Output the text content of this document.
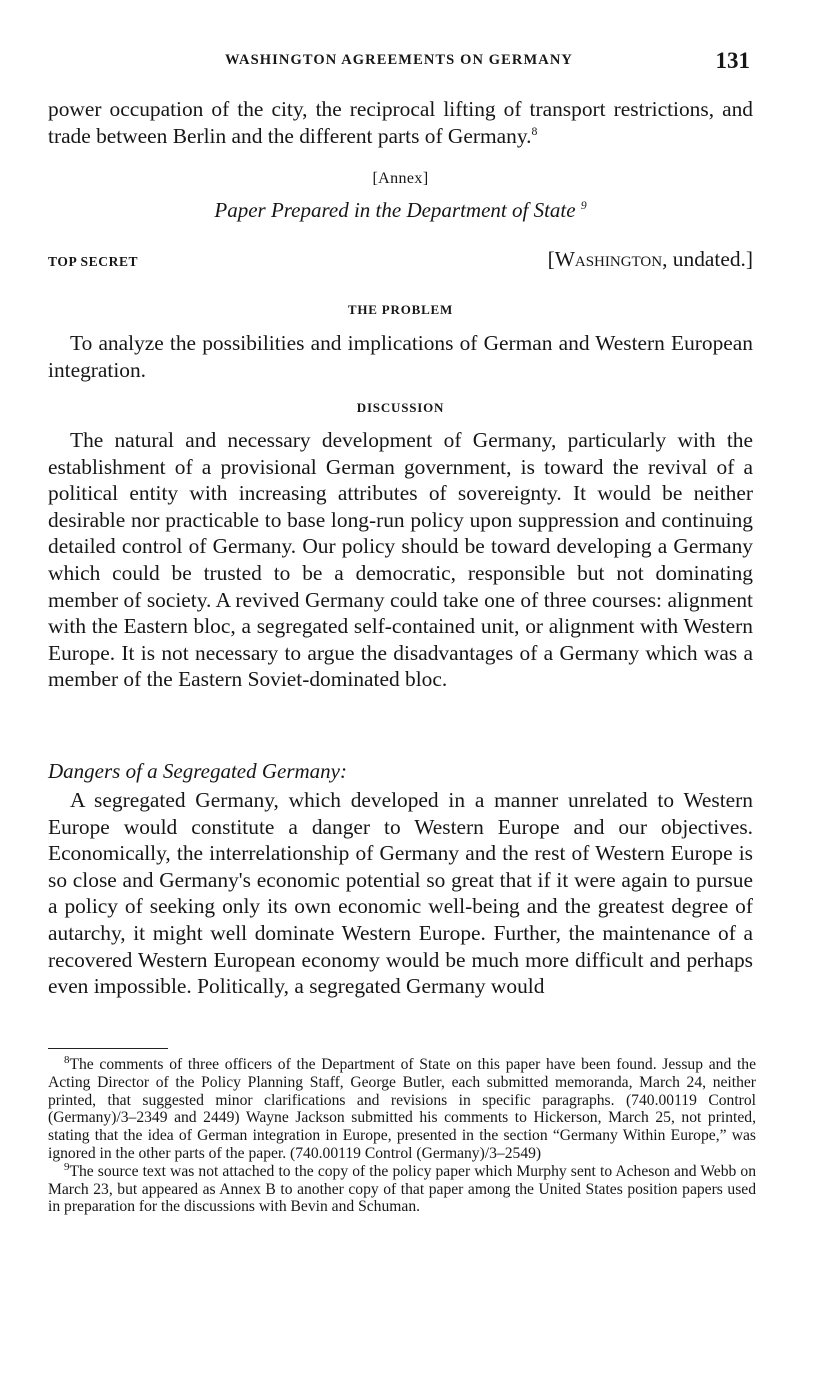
WASHINGTON AGREEMENTS ON GERMANY	131

power occupation of the city, the reciprocal lifting of transport restrictions, and trade between Berlin and the different parts of Germany.$^8$

[Annex]
Paper Prepared in the Department of State $^9$
TOP SECRET	[Washington, undated.]
THE PROBLEM

To analyze the possibilities and implications of German and Western European integration.

DISCUSSION

The natural and necessary development of Germany, particularly with the establishment of a provisional German government, is toward the revival of a political entity with increasing attributes of sovereignty. It would be neither desirable nor practicable to base long-run policy upon suppression and continuing detailed control of Germany. Our policy should be toward developing a Germany which could be trusted to be a democratic, responsible but not dominating member of society. A revived Germany could take one of three courses: alignment with the Eastern bloc, a segregated self-contained unit, or alignment with Western Europe. It is not necessary to argue the disadvantages of a Germany which was a member of the Eastern Soviet-dominated bloc.

Dangers of a Segregated Germany:

A segregated Germany, which developed in a manner unrelated to Western Europe would constitute a danger to Western Europe and our objectives. Economically, the interrelationship of Germany and the rest of Western Europe is so close and Germany's economic potential so great that if it were again to pursue a policy of seeking only its own economic well-being and the greatest degree of autarchy, it might well dominate Western Europe. Further, the maintenance of a recovered Western European economy would be much more difficult and perhaps even impossible. Politically, a segregated Germany would

$^8$The comments of three officers of the Department of State on this paper have been found. Jessup and the Acting Director of the Policy Planning Staff, George Butler, each submitted memoranda, March 24, neither printed, that suggested minor clarifications and revisions in specific paragraphs. (740.00119 Control (Germany)/3–2349 and 2449) Wayne Jackson submitted his comments to Hickerson, March 25, not printed, stating that the idea of German integration in Europe, presented in the section “Germany Within Europe,” was ignored in the other parts of the paper. (740.00119 Control (Germany)/3–2549)

$^9$The source text was not attached to the copy of the policy paper which Murphy sent to Acheson and Webb on March 23, but appeared as Annex B to another copy of that paper among the United States position papers used in preparation for the discussions with Bevin and Schuman.
